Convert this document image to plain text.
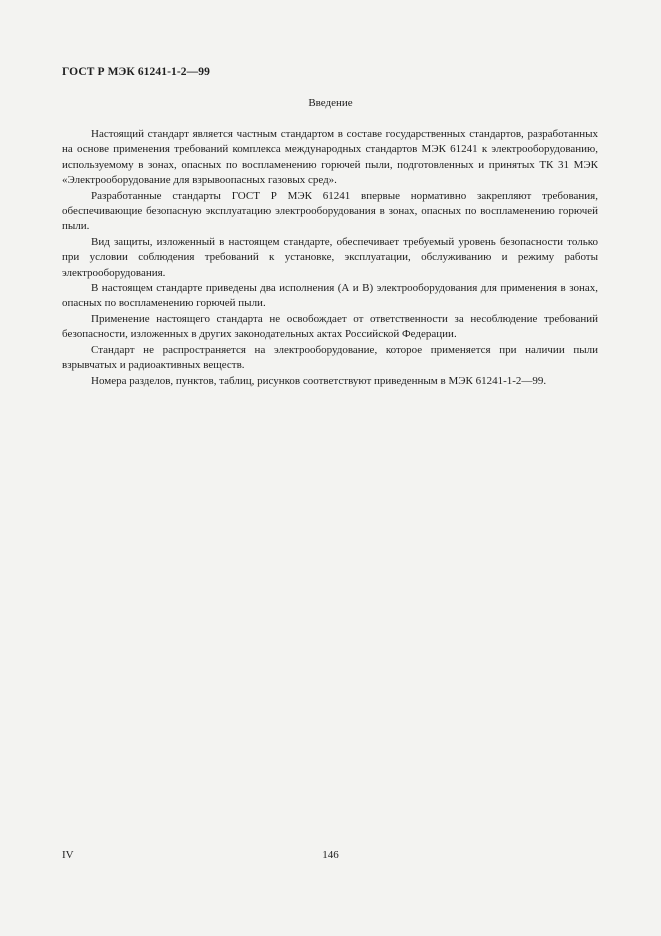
ГОСТ Р МЭК 61241-1-2—99
Введение

Настоящий стандарт является частным стандартом в составе государственных стандартов, разработанных на основе применения требований комплекса международных стандартов МЭК 61241 к электрооборудованию, используемому в зонах, опасных по воспламенению горючей пыли, подготовленных и принятых ТК 31 МЭК «Электрооборудование для взрывоопасных газовых сред».

Разработанные стандарты ГОСТ Р МЭК 61241 впервые нормативно закрепляют требования, обеспечивающие безопасную эксплуатацию электрооборудования в зонах, опасных по воспламенению горючей пыли.

Вид защиты, изложенный в настоящем стандарте, обеспечивает требуемый уровень безопасности только при условии соблюдения требований к установке, эксплуатации, обслуживанию и режиму работы электрооборудования.

В настоящем стандарте приведены два исполнения (А и В) электрооборудования для применения в зонах, опасных по воспламенению горючей пыли.

Применение настоящего стандарта не освобождает от ответственности за несоблюдение требований безопасности, изложенных в других законодательных актах Российской Федерации.

Стандарт не распространяется на электрооборудование, которое применяется при наличии пыли взрывчатых и радиоактивных веществ.

Номера разделов, пунктов, таблиц, рисунков соответствуют приведенным в МЭК 61241-1-2—99.

IV	146
